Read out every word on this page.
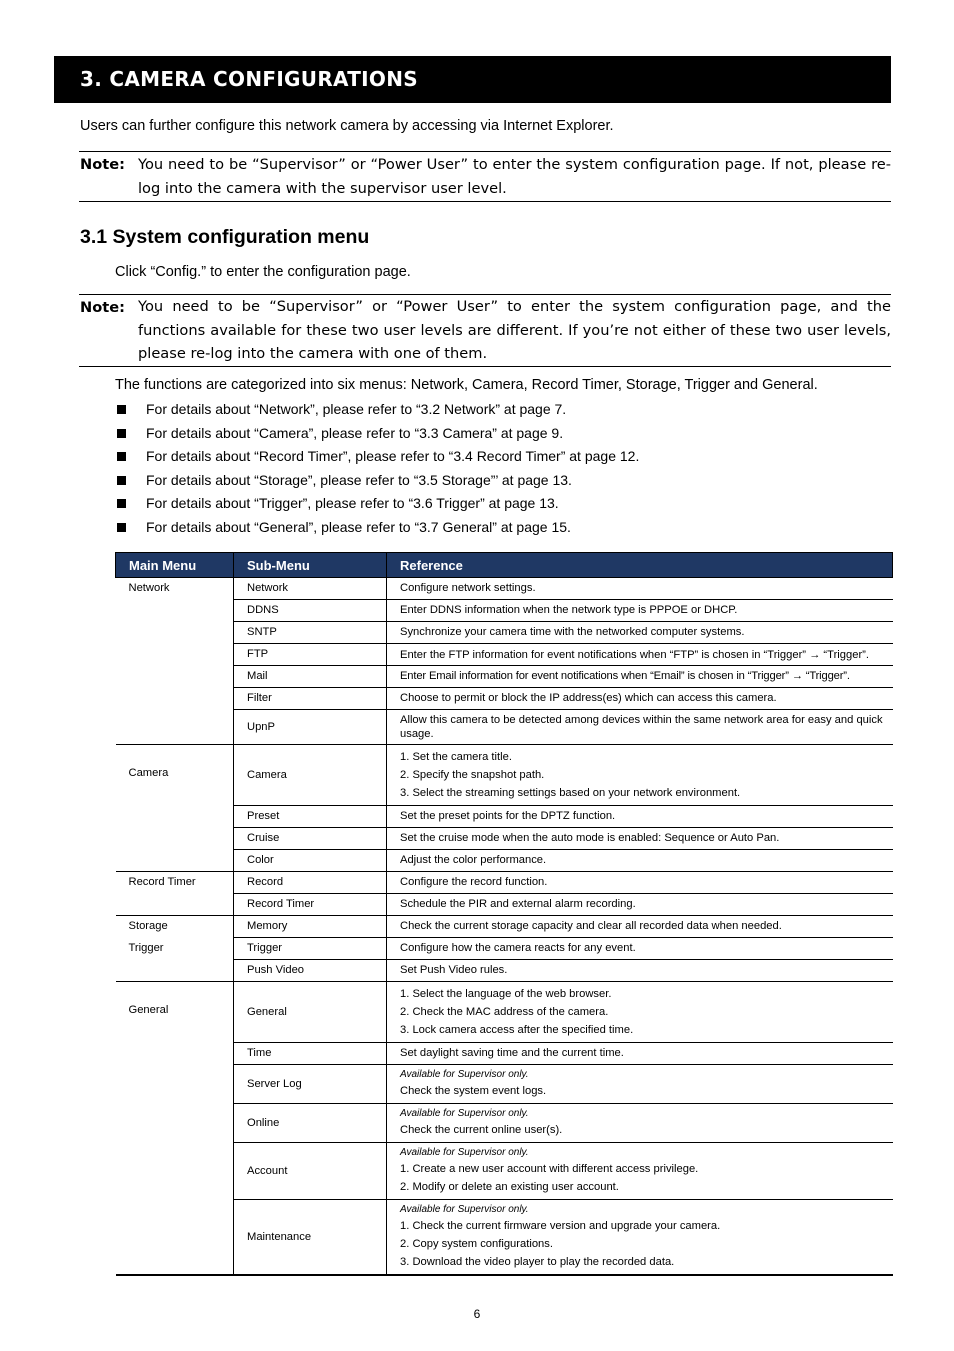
3. CAMERA CONFIGURATIONS
Users can further configure this network camera by accessing via Internet Explorer.
Note: You need to be “Supervisor” or “Power User” to enter the system configuration page. If not, please re-log into the camera with the supervisor user level.
3.1 System configuration menu
Click “Config.” to enter the configuration page.
Note: You need to be “Supervisor” or “Power User” to enter the system configuration page, and the functions available for these two user levels are different. If you’re not either of these two user levels, please re-log into the camera with one of them.
The functions are categorized into six menus: Network, Camera, Record Timer, Storage, Trigger and General.
For details about “Network”, please refer to “3.2 Network” at page 7.
For details about “Camera”, please refer to “3.3 Camera” at page 9.
For details about “Record Timer”, please refer to “3.4 Record Timer” at page 12.
For details about “Storage”, please refer to “3.5 Storage”’ at page 13.
For details about “Trigger”, please refer to “3.6 Trigger” at page 13.
For details about “General”, please refer to “3.7 General” at page 15.
Main Menu	Sub-Menu	Reference
Network	Network	Configure network settings.
	DDNS	Enter DDNS information when the network type is PPPOE or DHCP.
	SNTP	Synchronize your camera time with the networked computer systems.
	FTP	Enter the FTP information for event notifications when “FTP” is chosen in “Trigger” → “Trigger”.
	Mail	Enter Email information for event notifications when “Email” is chosen in “Trigger” → “Trigger”.
	Filter	Choose to permit or block the IP address(es) which can access this camera.
	UpnP	Allow this camera to be detected among devices within the same network area for easy and quick usage.
Camera	Camera	1. Set the camera title.
2. Specify the snapshot path.
3. Select the streaming settings based on your network environment.

	Preset	Set the preset points for the DPTZ function.
	Cruise	Set the cruise mode when the auto mode is enabled: Sequence or Auto Pan.
	Color	Adjust the color performance.
Record Timer	Record	Configure the record function.
	Record Timer	Schedule the PIR and external alarm recording.
Storage	Memory	Check the current storage capacity and clear all recorded data when needed.
Trigger	Trigger	Configure how the camera reacts for any event.
	Push Video	Set Push Video rules.
General	General	1. Select the language of the web browser.
2. Check the MAC address of the camera.
3. Lock camera access after the specified time.

	Time	Set daylight saving time and the current time.
	Server Log	Available for Supervisor only.
Check the system event logs.

	Online	Available for Supervisor only.
Check the current online user(s).

	Account	Available for Supervisor only.
1. Create a new user account with different access privilege.
2. Modify or delete an existing user account.

	Maintenance	Available for Supervisor only.
1. Check the current firmware version and upgrade your camera.
2. Copy system configurations.
3. Download the video player to play the recorded data.
6
